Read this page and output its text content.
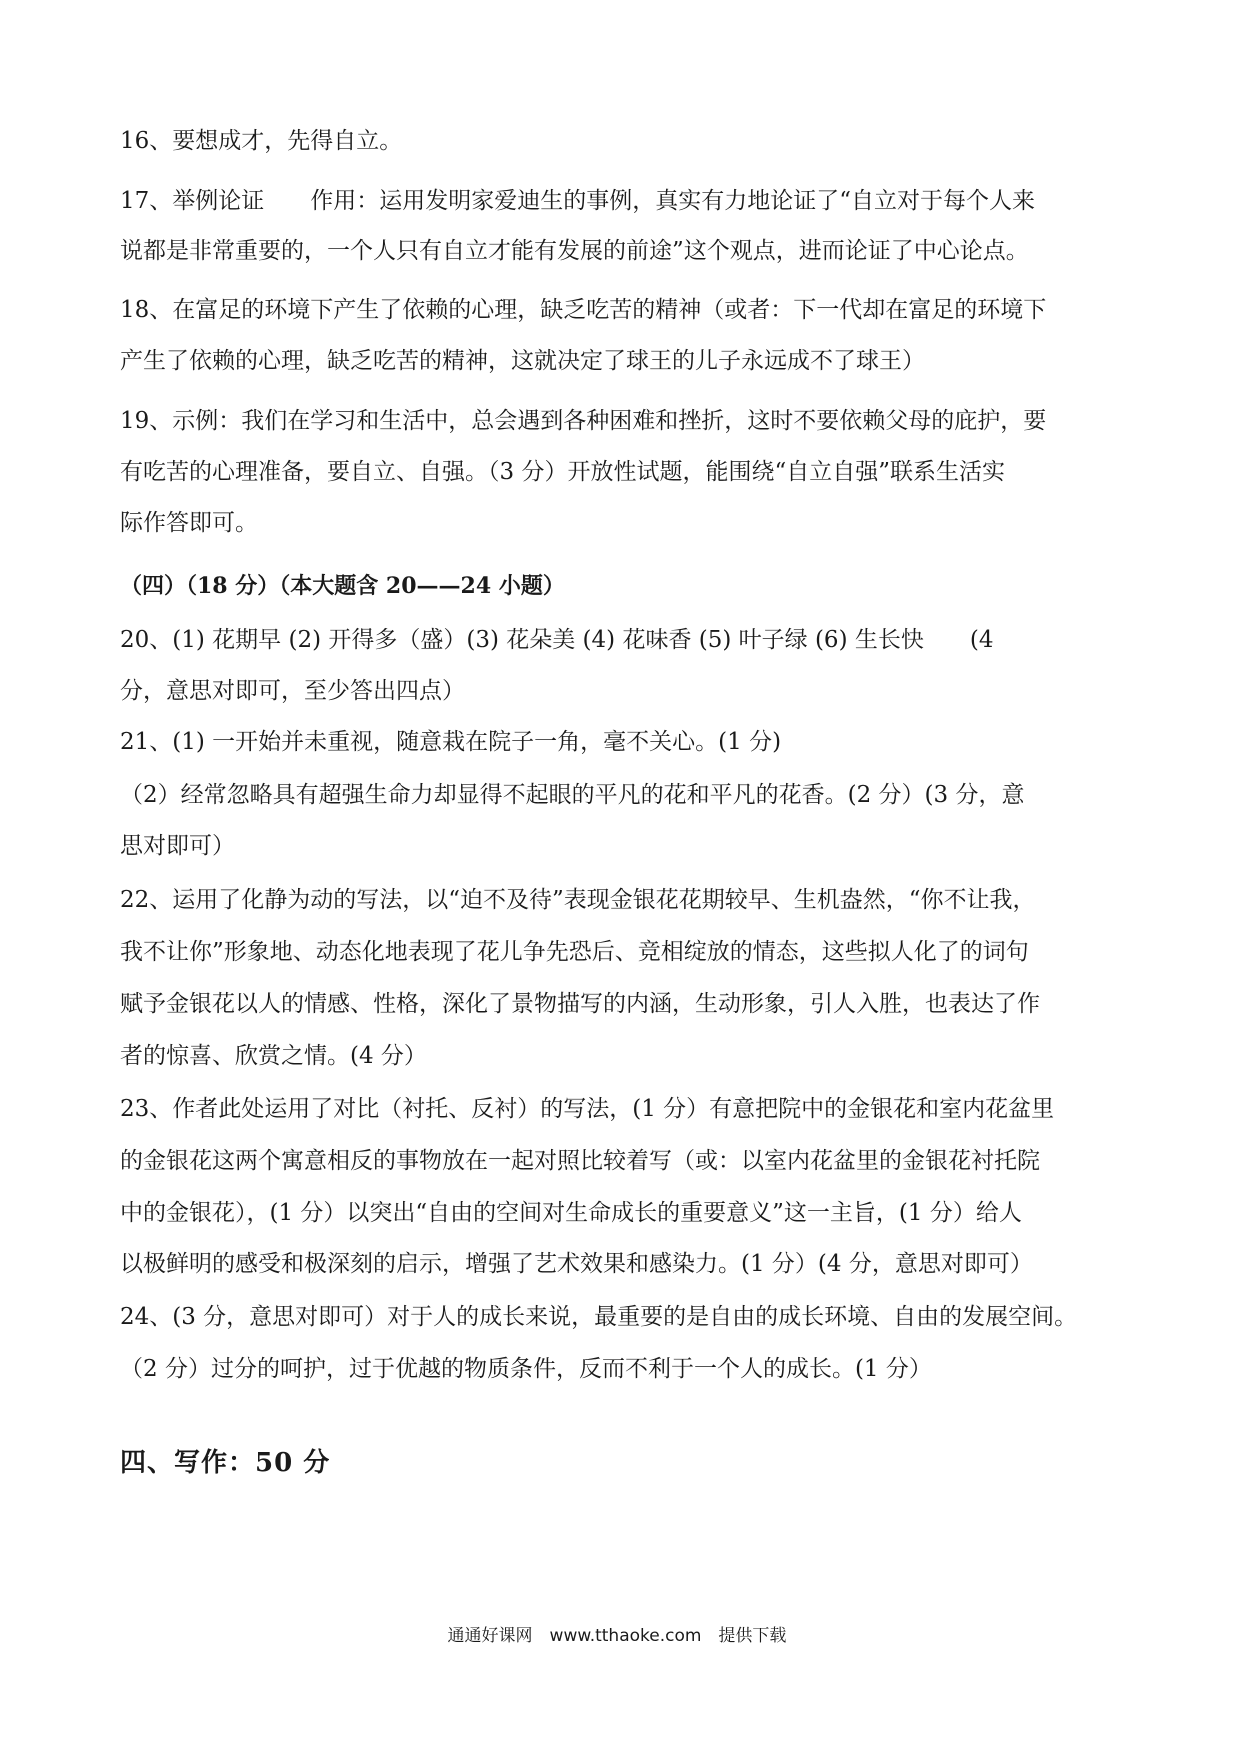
16、要想成才，先得自立。
17、举例论证　　作用：运用发明家爱迪生的事例，真实有力地论证了“自立对于每个人来
说都是非常重要的，一个人只有自立才能有发展的前途”这个观点，进而论证了中心论点。
18、在富足的环境下产生了依赖的心理，缺乏吃苦的精神（或者：下一代却在富足的环境下
产生了依赖的心理，缺乏吃苦的精神，这就决定了球王的儿子永远成不了球王）
19、示例：我们在学习和生活中，总会遇到各种困难和挫折，这时不要依赖父母的庇护，要
有吃苦的心理准备，要自立、自强。（3 分）开放性试题，能围绕“自立自强”联系生活实
际作答即可。
（四）（18 分）（本大题含 20——24 小题）
20、(1) 花期早 (2) 开得多（盛）(3) 花朵美 (4) 花味香 (5) 叶子绿 (6) 生长快　　(4
分，意思对即可，至少答出四点）
21、(1) 一开始并未重视，随意栽在院子一角，毫不关心。(1 分)
（2）经常忽略具有超强生命力却显得不起眼的平凡的花和平凡的花香。(2 分）(3 分，意
思对即可）
22、运用了化静为动的写法，以“迫不及待”表现金银花花期较早、生机盎然，“你不让我，
我不让你”形象地、动态化地表现了花儿争先恐后、竞相绽放的情态，这些拟人化了的词句
赋予金银花以人的情感、性格，深化了景物描写的内涵，生动形象，引人入胜，也表达了作
者的惊喜、欣赏之情。(4 分）
23、作者此处运用了对比（衬托、反衬）的写法，(1 分）有意把院中的金银花和室内花盆里
的金银花这两个寓意相反的事物放在一起对照比较着写（或：以室内花盆里的金银花衬托院
中的金银花），(1 分）以突出“自由的空间对生命成长的重要意义”这一主旨，(1 分）给人
以极鲜明的感受和极深刻的启示，增强了艺术效果和感染力。(1 分）(4 分，意思对即可）
24、(3 分，意思对即可）对于人的成长来说，最重要的是自由的成长环境、自由的发展空间。
（2 分）过分的呵护，过于优越的物质条件，反而不利于一个人的成长。(1 分）
四、写作：50 分
通通好课网　www.tthaoke.com　提供下载
